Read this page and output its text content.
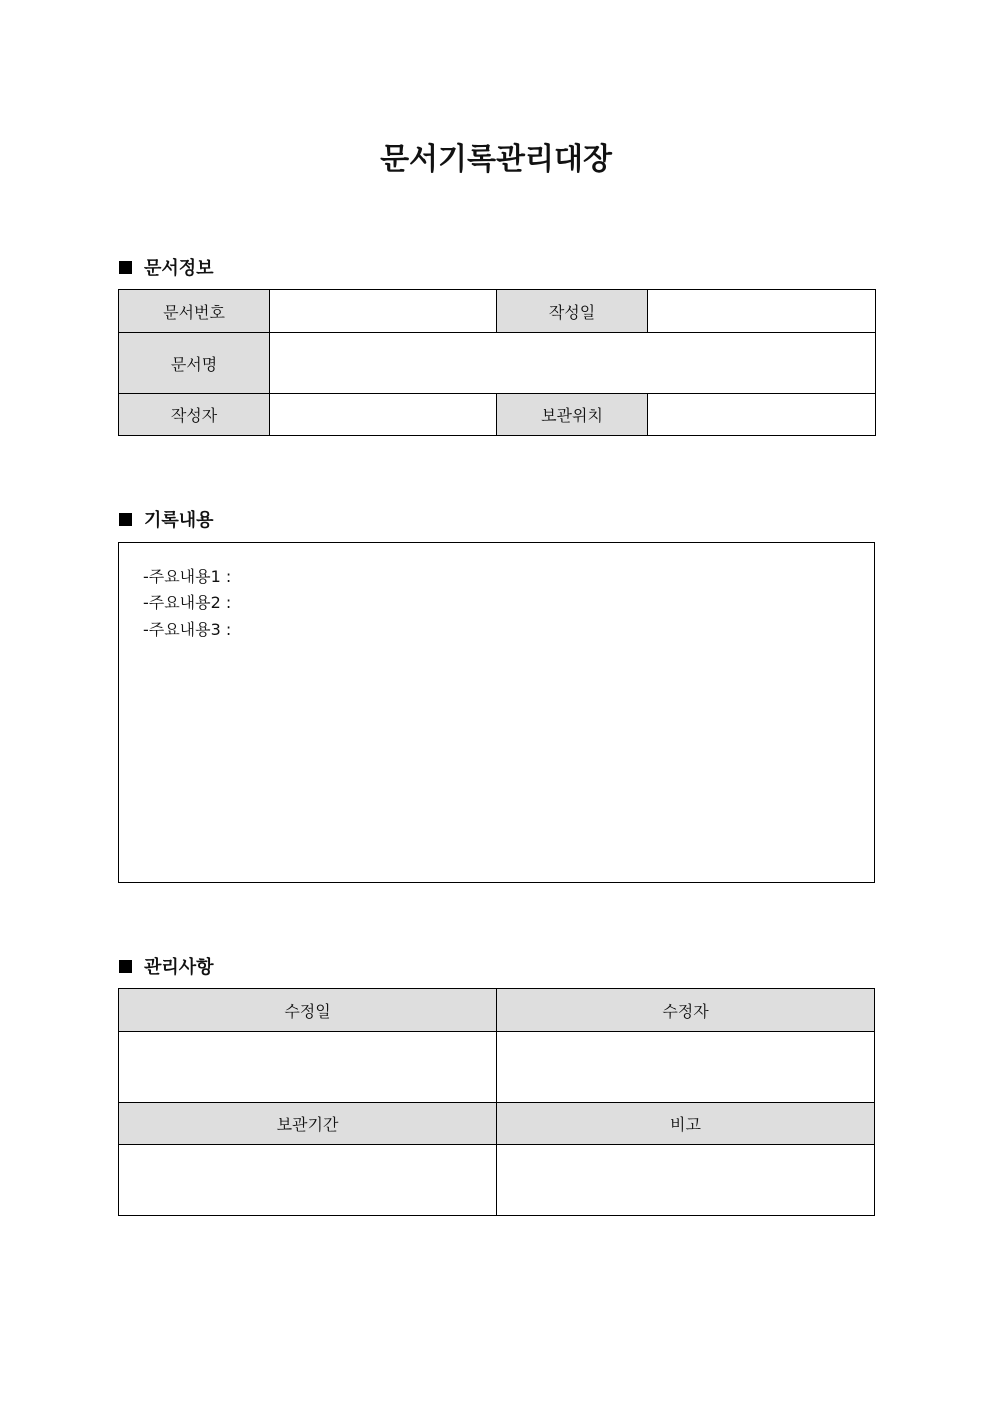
문서기록관리대장
문서정보
문서번호		작성일	
문서명			
작성자		보관위치	
기록내용
-주요내용1 :
-주요내용2 :
-주요내용3 :
관리사항
수정일	수정자

보관기간	비고
